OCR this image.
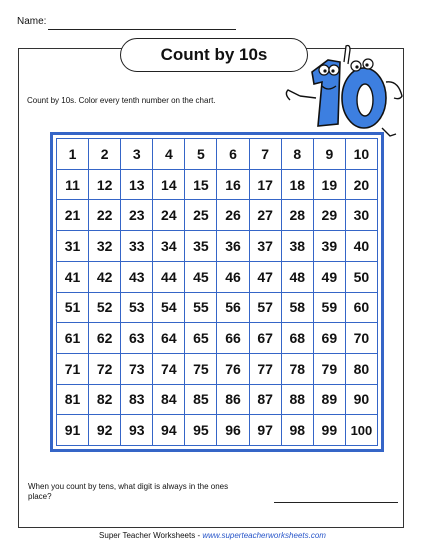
Name:
Count by 10s
Count by 10s. Color every tenth number on the chart.
1	2	3	4	5	6	7	8	9	10
11	12	13	14	15	16	17	18	19	20
21	22	23	24	25	26	27	28	29	30
31	32	33	34	35	36	37	38	39	40
41	42	43	44	45	46	47	48	49	50
51	52	53	54	55	56	57	58	59	60
61	62	63	64	65	66	67	68	69	70
71	72	73	74	75	76	77	78	79	80
81	82	83	84	85	86	87	88	89	90
91	92	93	94	95	96	97	98	99	100
When you count by tens, what digit is always in the ones place?
Super Teacher Worksheets - www.superteacherworksheets.com
